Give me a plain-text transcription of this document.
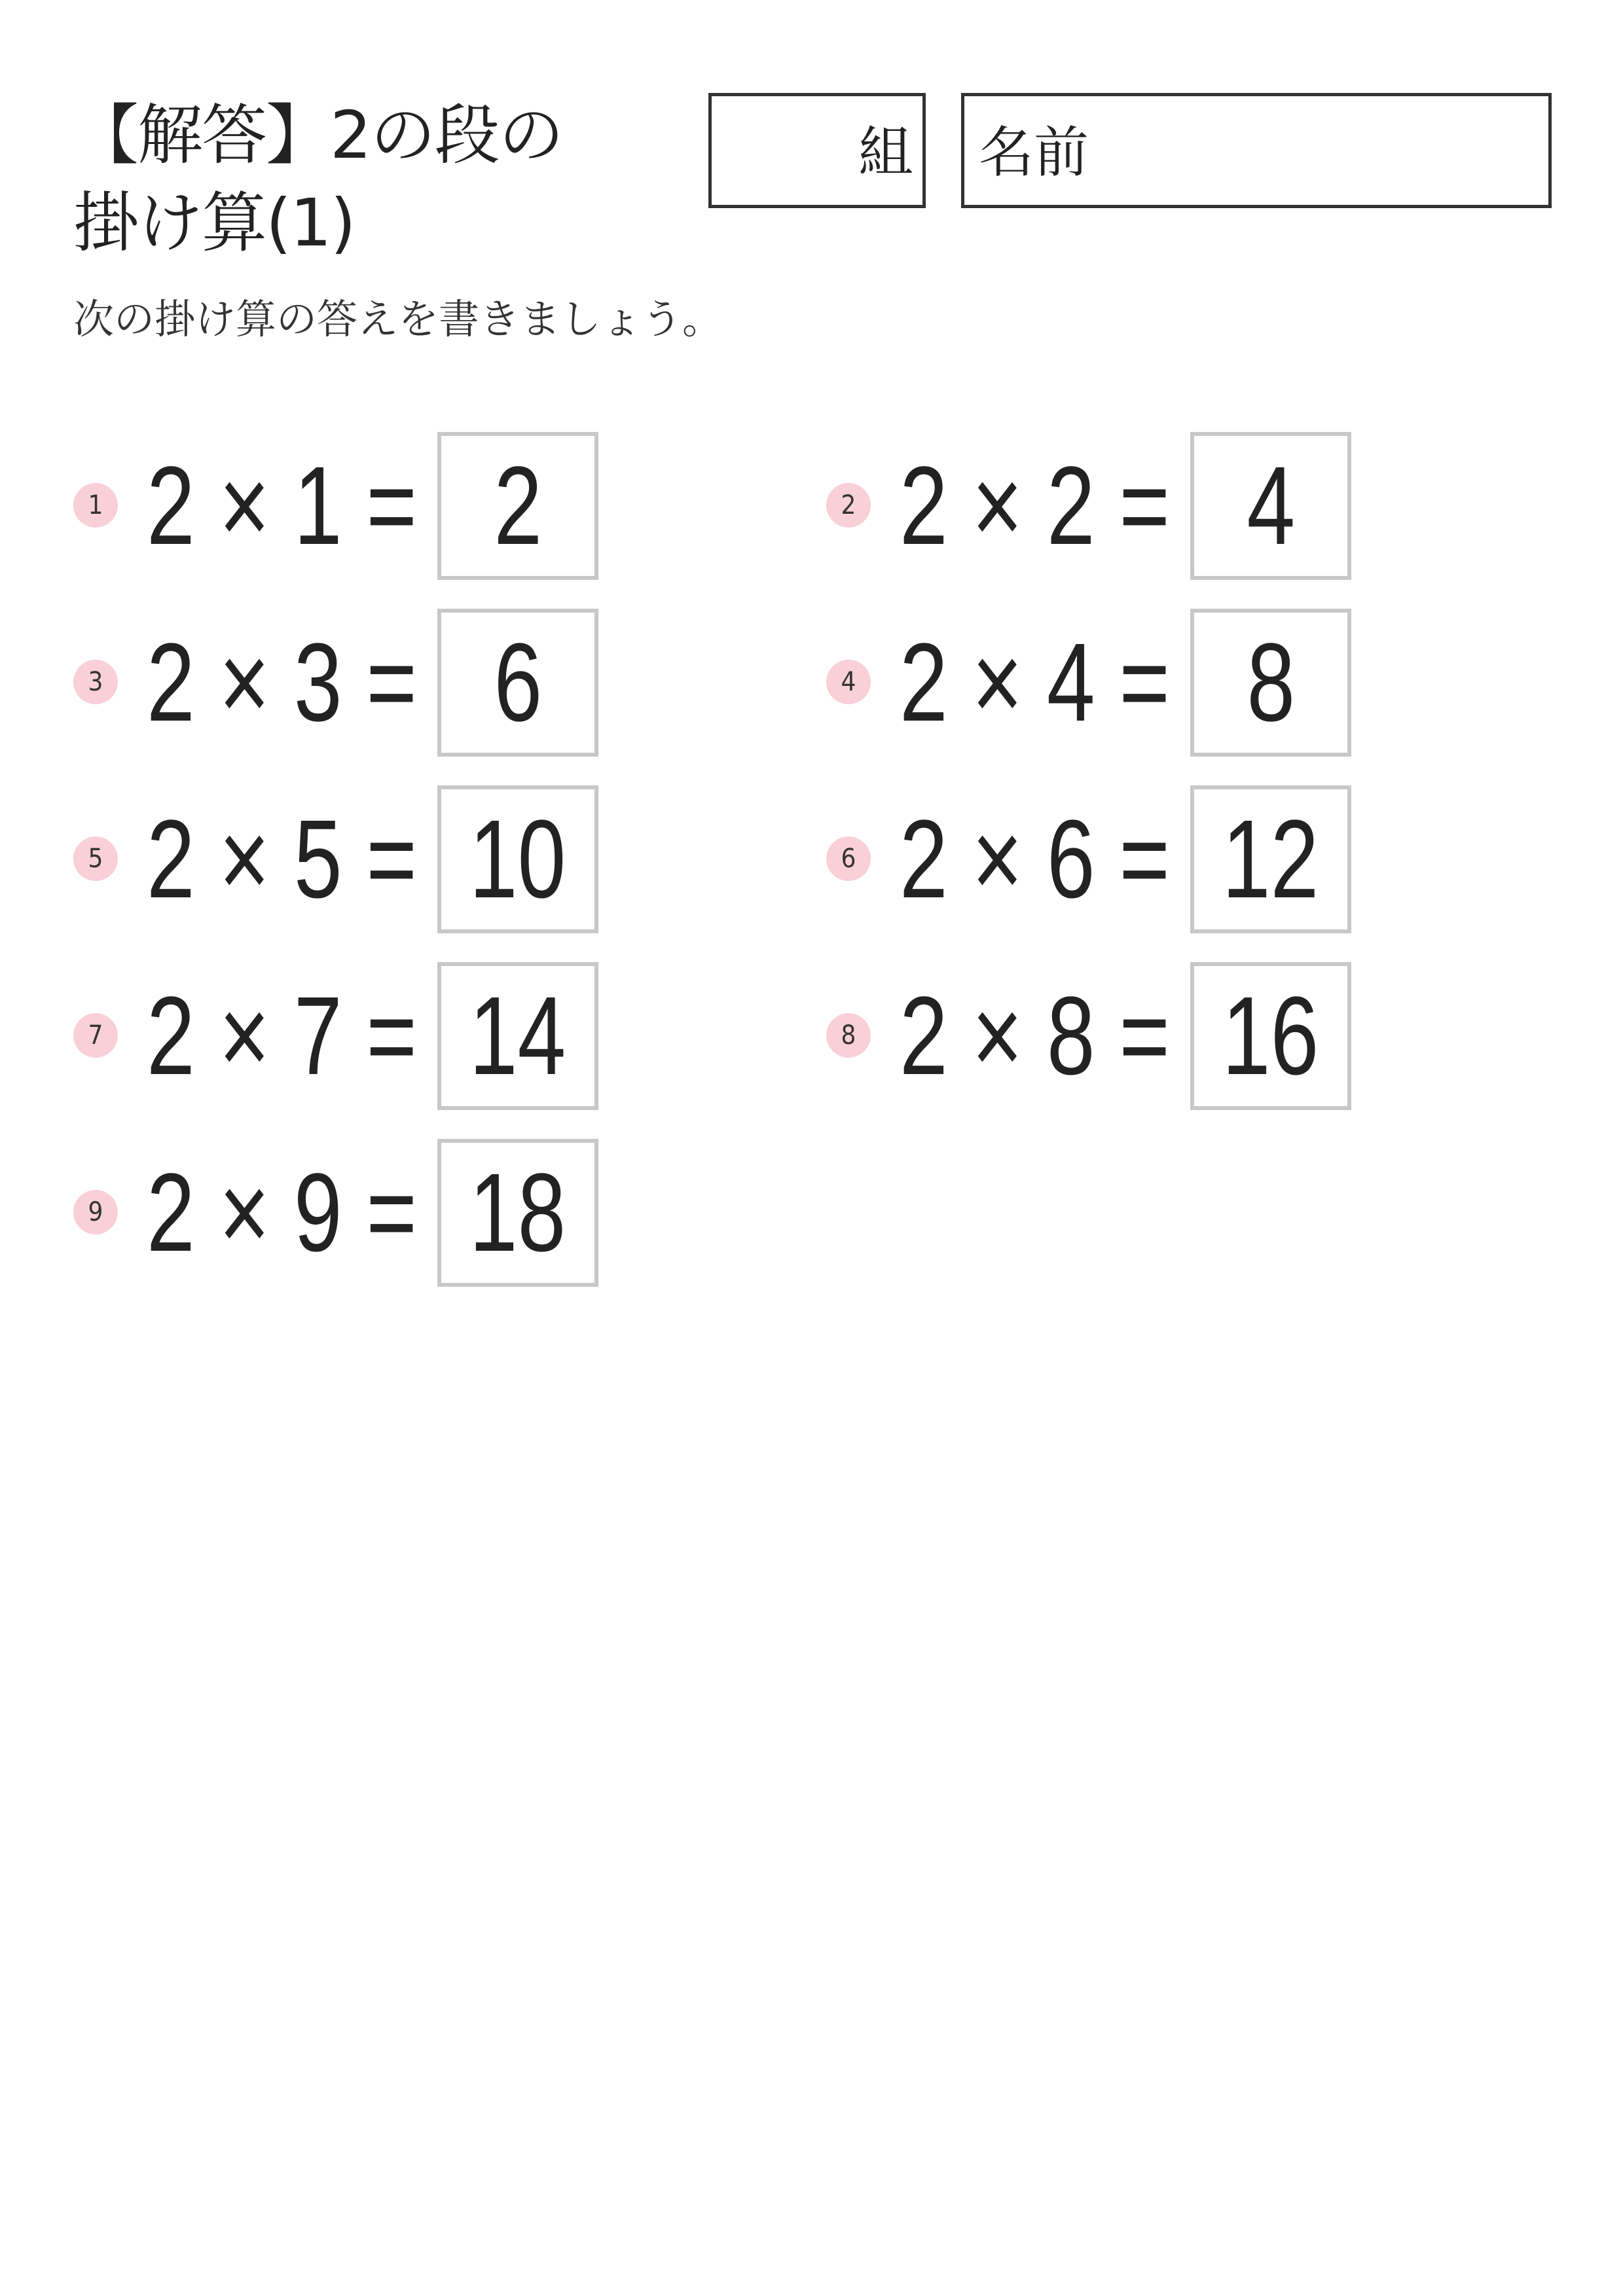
【解答】2の段の
掛け算(1)
組 名前
次の掛け算の答えを書きましょう。
1 2 × 1 = 2	2 2 × 2 = 4
3 2 × 3 = 6	4 2 × 4 = 8
5 2 × 5 = 10	6 2 × 6 = 12
7 2 × 7 = 14	8 2 × 8 = 16
9 2 × 9 = 18
